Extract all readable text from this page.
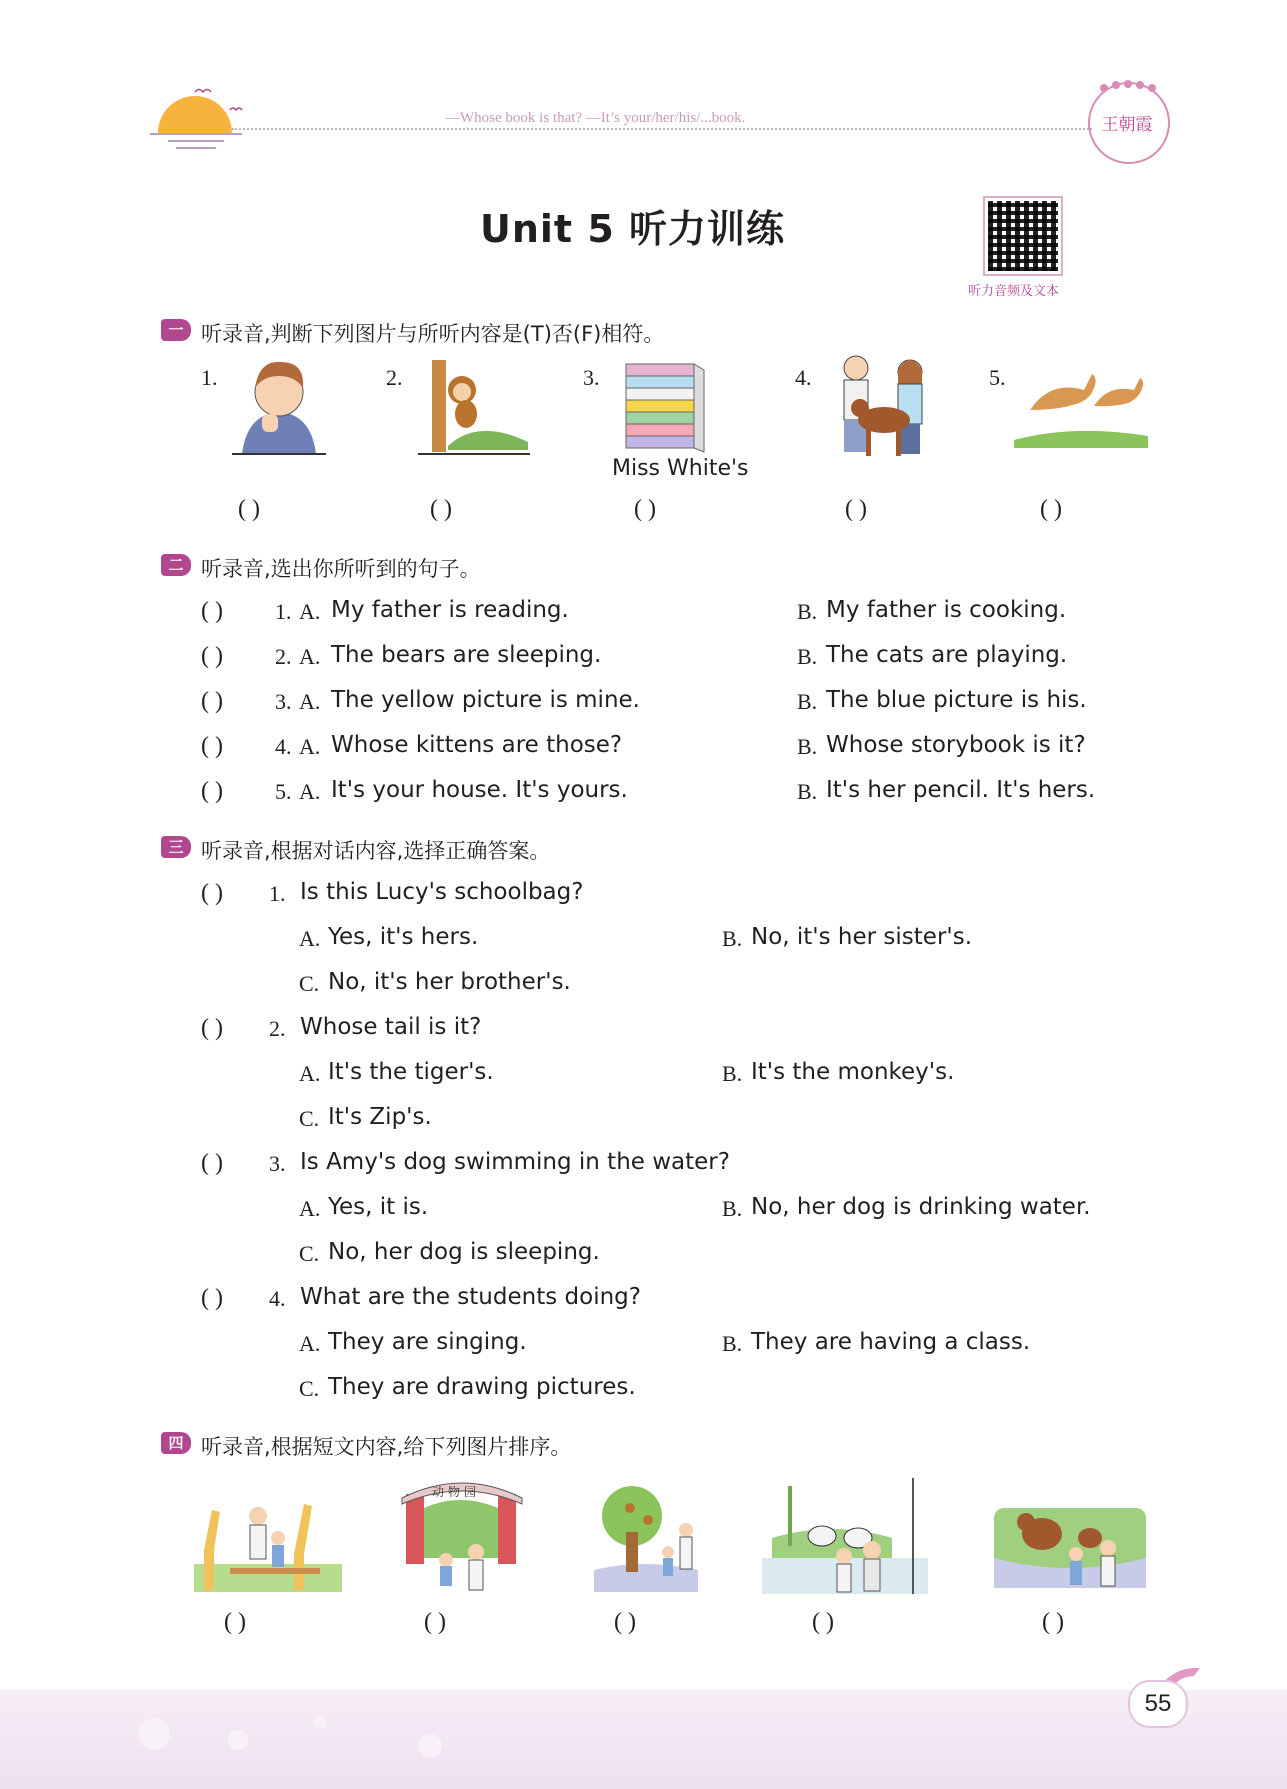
—Whose book is that? —It’s your/her/his/...book.	王朝霞
Unit 5 听力训练
听力音频及文本
一 听录音,判断下列图片与所听内容是(T)否(F)相符。
1.	2.	3.
Miss White's
4.	5.
( )	( )	( )	( )	( )
二 听录音,选出你所听到的句子。
( ) 1. A. My father is reading.	B. My father is cooking.
( ) 2. A. The bears are sleeping.	B. The cats are playing.
( ) 3. A. The yellow picture is mine.	B. The blue picture is his.
( ) 4. A. Whose kittens are those?	B. Whose storybook is it?
( ) 5. A. It's your house. It's yours.	B. It's her pencil. It's hers.
三 听录音,根据对话内容,选择正确答案。
( ) 1. Is this Lucy's schoolbag?
A. Yes, it's hers.	B. No, it's her sister's.
C. No, it's her brother's.
( ) 2. Whose tail is it?
A. It's the tiger's.	B. It's the monkey's.
C. It's Zip's.
( ) 3. Is Amy's dog swimming in the water?
A. Yes, it is.	B. No, her dog is drinking water.
C. No, her dog is sleeping.
( ) 4. What are the students doing?
A. They are singing.	B. They are having a class.
C. They are drawing pictures.
四 听录音,根据短文内容,给下列图片排序。
动物园
( )	( )	( )	( )	( )
55
